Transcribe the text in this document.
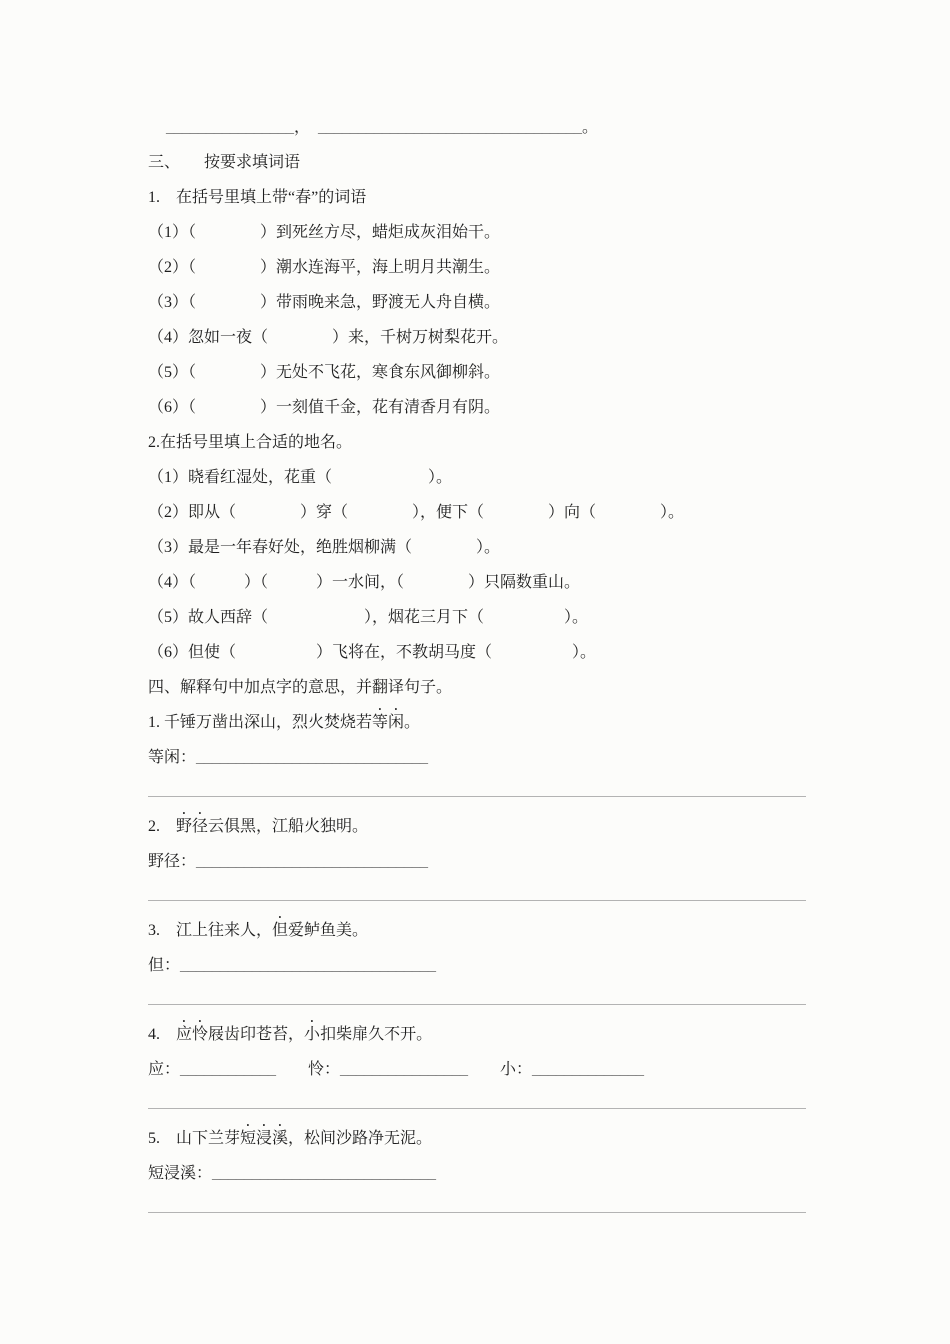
________________，  _________________________________。
三、　　按要求填词语
1.　在括号里填上带“春”的词语
（1）（　　　　）到死丝方尽，蜡炬成灰泪始干。
（2）（　　　　）潮水连海平，海上明月共潮生。
（3）（　　　　）带雨晚来急，野渡无人舟自横。
（4）忽如一夜（　　　　）来，千树万树梨花开。
（5）（　　　　）无处不飞花，寒食东风御柳斜。
（6）（　　　　）一刻值千金，花有清香月有阴。
2.在括号里填上合适的地名。
（1）晓看红湿处，花重（　　　　　　）。
（2）即从（　　　　）穿（　　　　），便下（　　　　）向（　　　　）。
（3）最是一年春好处，绝胜烟柳满（　　　　）。
（4）（　　　）（　　　）一水间，（　　　　）只隔数重山。
（5）故人西辞（　　　　　　），烟花三月下（　　　　　）。
（6）但使（　　　　　）飞将在，不教胡马度（　　　　　）。
四、解释句中加点字的意思，并翻译句子。
1. 千锤万凿出深山，烈火焚烧若等闲。
等闲：_____________________________
2.　野径云俱黑，江船火独明。
野径：_____________________________
3.　江上往来人，但爱鲈鱼美。
但：________________________________
4.　应怜屐齿印苍苔，小扣柴扉久不开。
应：____________　　怜：________________　　小：______________
5.　山下兰芽短浸溪，松间沙路净无泥。
短浸溪：____________________________
